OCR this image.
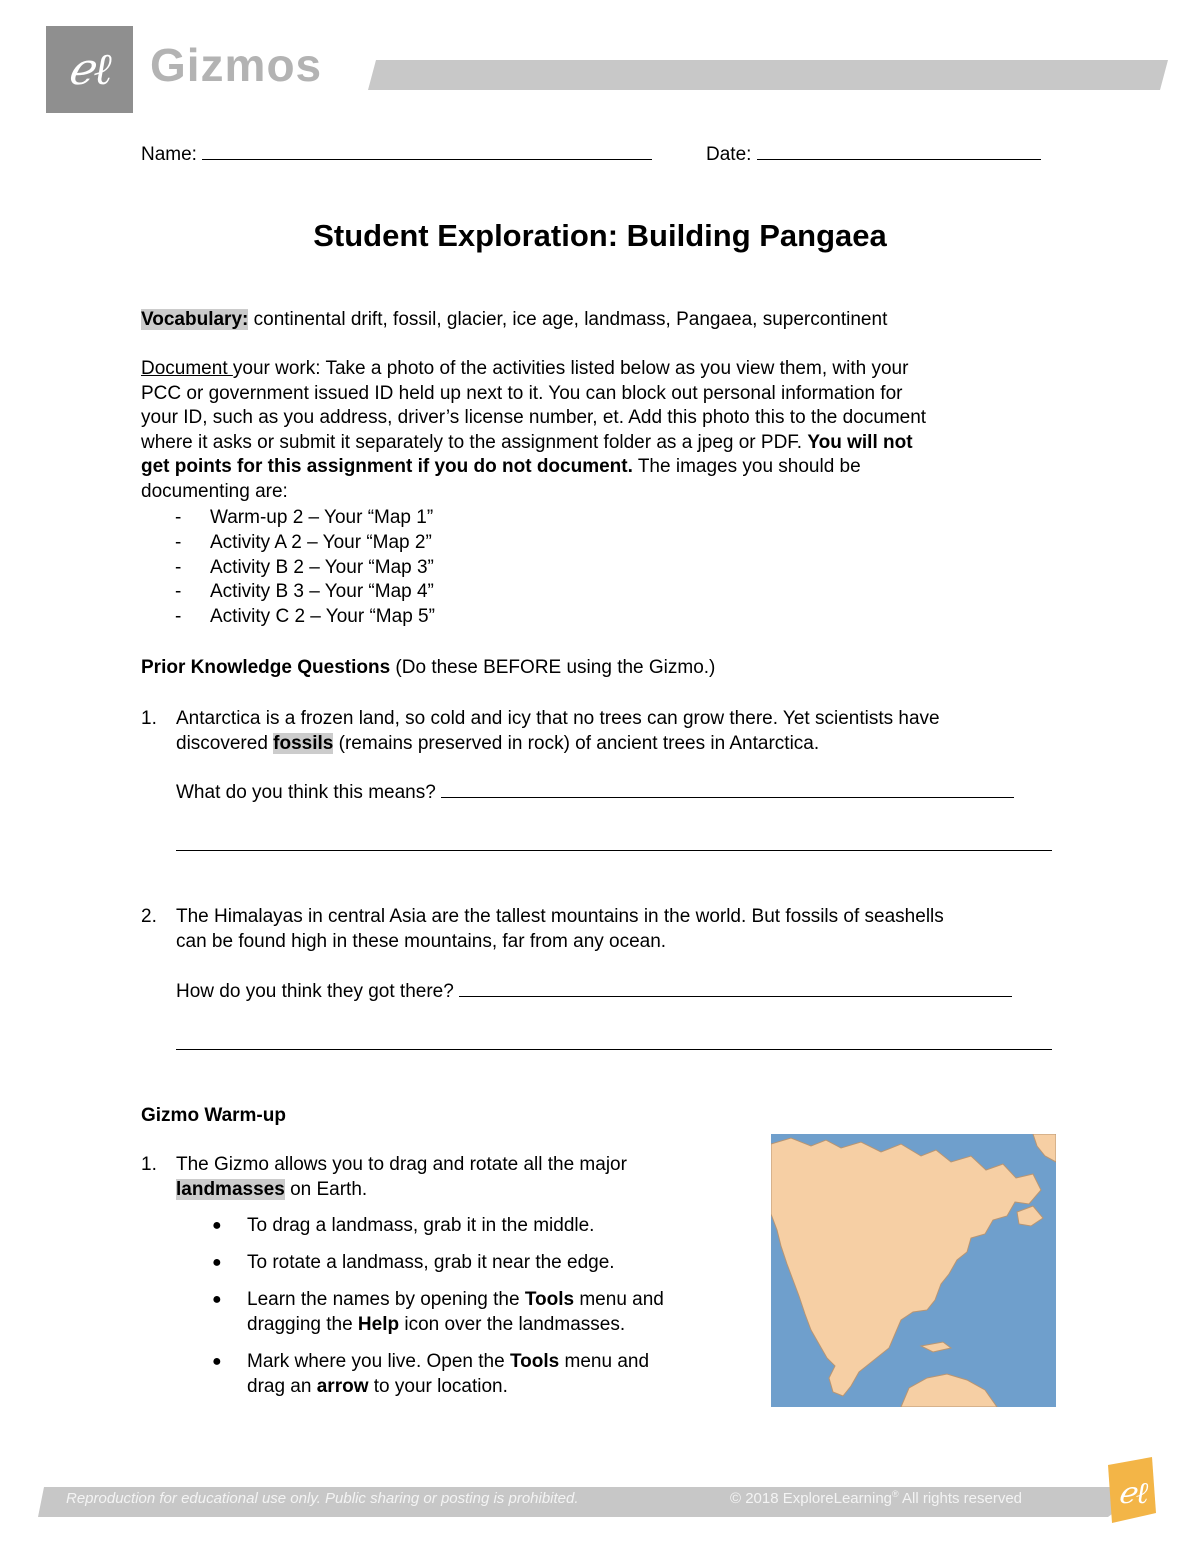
ℯℓ Gizmos
Name:	Date:
Student Exploration: Building Pangaea
Vocabulary: continental drift, fossil, glacier, ice age, landmass, Pangaea, supercontinent
Document your work: Take a photo of the activities listed below as you view them, with your
PCC or government issued ID held up next to it. You can block out personal information for
your ID, such as you address, driver’s license number, et. Add this photo this to the document
where it asks or submit it separately to the assignment folder as a jpeg or PDF. You will not
get points for this assignment if you do not document. The images you should be
documenting are:
- Warm-up 2 – Your “Map 1”
- Activity A 2 – Your “Map 2”
- Activity B 2 – Your “Map 3”
- Activity B 3 – Your “Map 4”
- Activity C 2 – Your “Map 5”
Prior Knowledge Questions (Do these BEFORE using the Gizmo.)
1. Antarctica is a frozen land, so cold and icy that no trees can grow there. Yet scientists have
discovered fossils (remains preserved in rock) of ancient trees in Antarctica.
What do you think this means?
2. The Himalayas in central Asia are the tallest mountains in the world. But fossils of seashells
can be found high in these mountains, far from any ocean.
How do you think they got there?
Gizmo Warm-up
1. The Gizmo allows you to drag and rotate all the major
landmasses on Earth.
● To drag a landmass, grab it in the middle.
● To rotate a landmass, grab it near the edge.
● Learn the names by opening the Tools menu and
dragging the Help icon over the landmasses.
● Mark where you live. Open the Tools menu and
drag an arrow to your location.
Reproduction for educational use only. Public sharing or posting is prohibited.	© 2018 ExploreLearning® All rights reserved	ℯℓ
